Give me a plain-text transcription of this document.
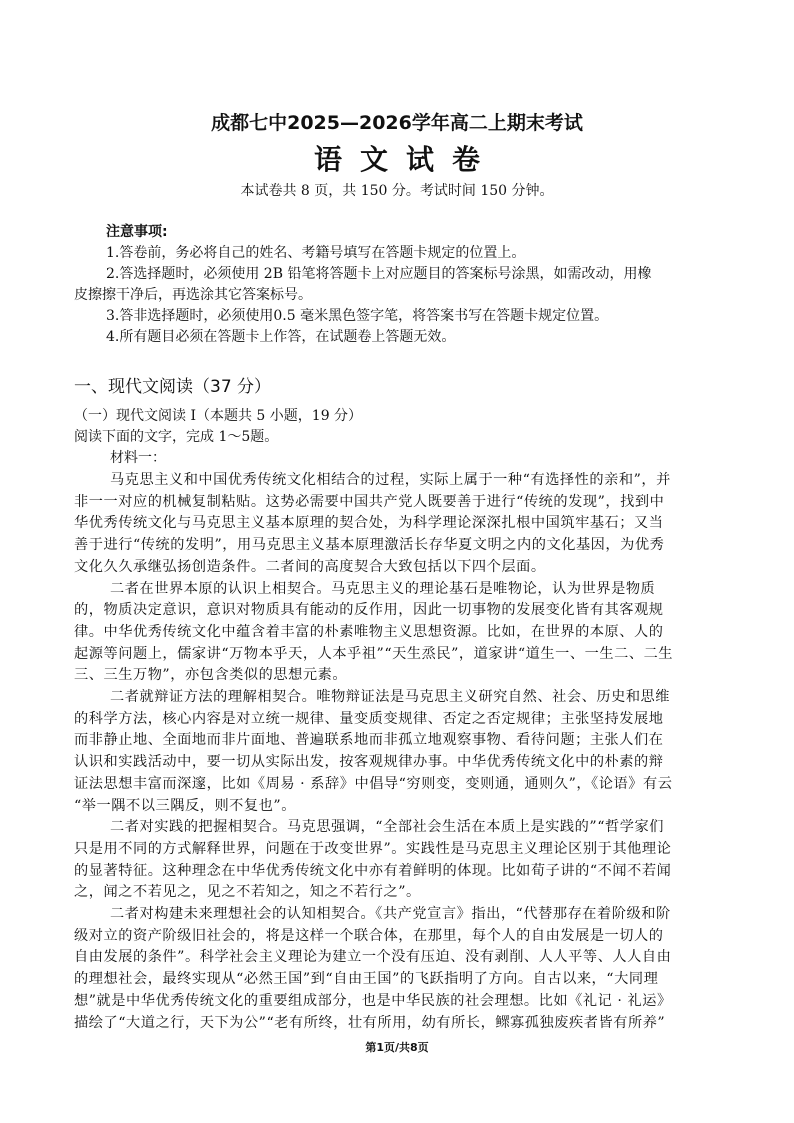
成都七中2025—2026学年高二上期末考试
语文试卷
本试卷共 8 页，共 150 分。考试时间 150 分钟。
注意事项:
1.答卷前，务必将自己的姓名、考籍号填写在答题卡规定的位置上。
2.答选择题时，必须使用 2B 铅笔将答题卡上对应题目的答案标号涂黑，如需改动，用橡
皮擦擦干净后，再选涂其它答案标号。
3.答非选择题时，必须使用0.5 毫米黑色签字笔，将答案书写在答题卡规定位置。
4.所有题目必须在答题卡上作答，在试题卷上答题无效。
一、现代文阅读（37 分）
（一）现代文阅读 I（本题共 5 小题，19 分）
阅读下面的文字，完成 1～5题。
材料一：
马克思主义和中国优秀传统文化相结合的过程，实际上属于一种“有选择性的亲和”，并
非一一对应的机械复制粘贴。这势必需要中国共产党人既要善于进行“传统的发现”，找到中
华优秀传统文化与马克思主义基本原理的契合处，为科学理论深深扎根中国筑牢基石；又当
善于进行“传统的发明”，用马克思主义基本原理激活长存华夏文明之内的文化基因，为优秀
文化久久承继弘扬创造条件。二者间的高度契合大致包括以下四个层面。
二者在世界本原的认识上相契合。马克思主义的理论基石是唯物论，认为世界是物质
的，物质决定意识，意识对物质具有能动的反作用，因此一切事物的发展变化皆有其客观规
律。中华优秀传统文化中蕴含着丰富的朴素唯物主义思想资源。比如，在世界的本原、人的
起源等问题上，儒家讲“万物本乎天，人本乎祖”“天生烝民”，道家讲“道生一、一生二、二生
三、三生万物”，亦包含类似的思想元素。
二者就辩证方法的理解相契合。唯物辩证法是马克思主义研究自然、社会、历史和思维
的科学方法，核心内容是对立统一规律、量变质变规律、否定之否定规律；主张坚持发展地
而非静止地、全面地而非片面地、普遍联系地而非孤立地观察事物、看待问题；主张人们在
认识和实践活动中，要一切从实际出发，按客观规律办事。中华优秀传统文化中的朴素的辩
证法思想丰富而深邃，比如《周易 · 系辞》中倡导“穷则变，变则通，通则久”，《论语》有云
“举一隅不以三隅反，则不复也”。
二者对实践的把握相契合。马克思强调，“全部社会生活在本质上是实践的”“哲学家们
只是用不同的方式解释世界，问题在于改变世界”。实践性是马克思主义理论区别于其他理论
的显著特征。这种理念在中华优秀传统文化中亦有着鲜明的体现。比如荀子讲的“不闻不若闻
之，闻之不若见之，见之不若知之，知之不若行之”。
二者对构建未来理想社会的认知相契合。《共产党宣言》指出，“代替那存在着阶级和阶
级对立的资产阶级旧社会的，将是这样一个联合体，在那里，每个人的自由发展是一切人的
自由发展的条件”。科学社会主义理论为建立一个没有压迫、没有剥削、人人平等、人人自由
的理想社会，最终实现从“必然王国”到“自由王国”的飞跃指明了方向。自古以来，“大同理
想”就是中华优秀传统文化的重要组成部分，也是中华民族的社会理想。比如《礼记 · 礼运》
描绘了“大道之行，天下为公”“老有所终，壮有所用，幼有所长，鳏寡孤独废疾者皆有所养”
第1页/共8页
